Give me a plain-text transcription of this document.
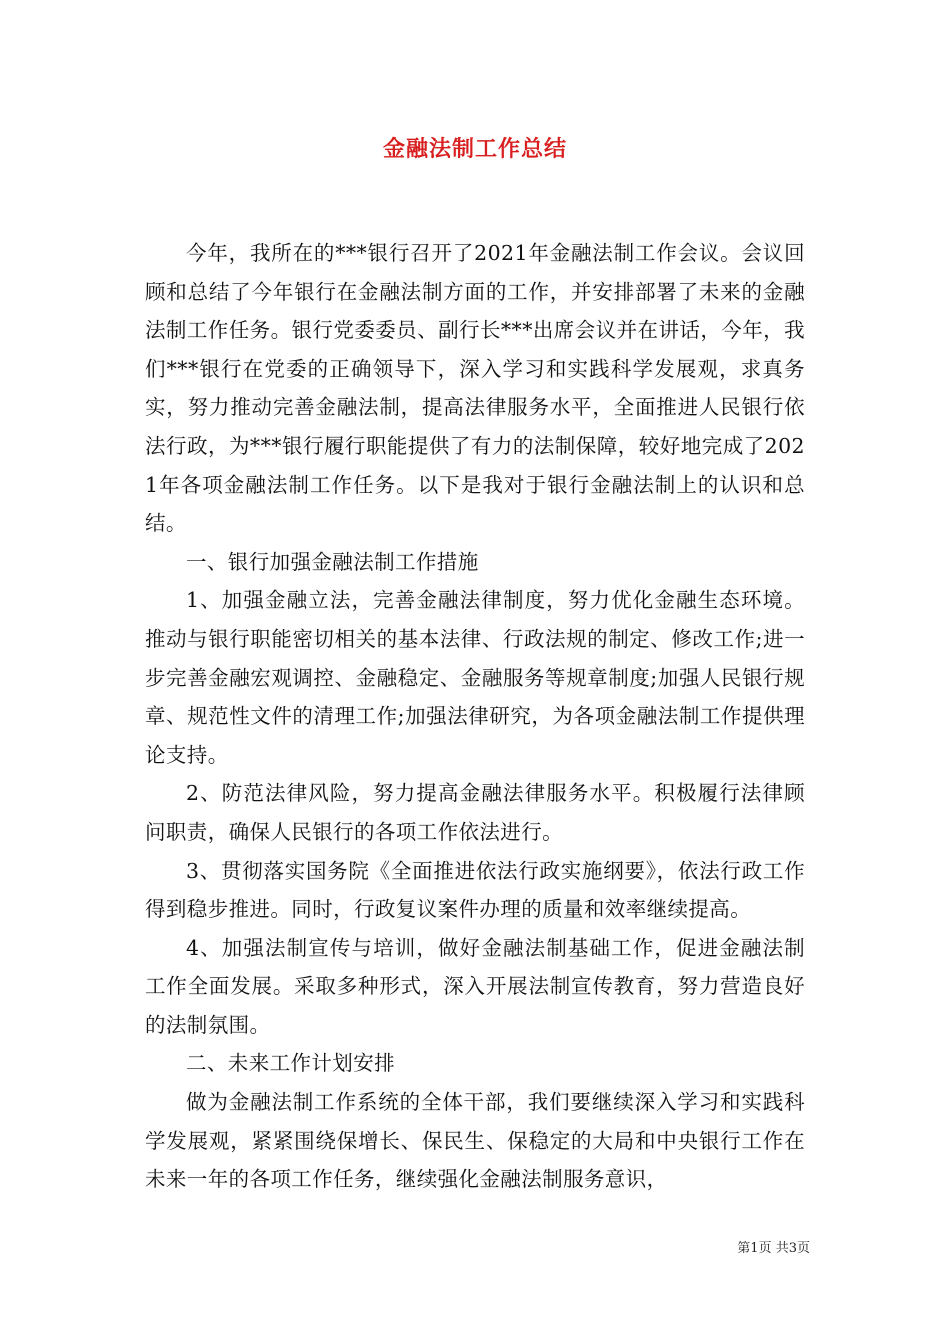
金融法制工作总结

今年，我所在的***银行召开了2021年金融法制工作会议。会议回顾和总结了今年银行在金融法制方面的工作，并安排部署了未来的金融法制工作任务。银行党委委员、副行长***出席会议并在讲话，今年，我们***银行在党委的正确领导下，深入学习和实践科学发展观，求真务实，努力推动完善金融法制，提高法律服务水平，全面推进人民银行依法行政，为***银行履行职能提供了有力的法制保障，较好地完成了2021年各项金融法制工作任务。以下是我对于银行金融法制上的认识和总结。

一、银行加强金融法制工作措施

1、加强金融立法，完善金融法律制度，努力优化金融生态环境。推动与银行职能密切相关的基本法律、行政法规的制定、修改工作;进一步完善金融宏观调控、金融稳定、金融服务等规章制度;加强人民银行规章、规范性文件的清理工作;加强法律研究，为各项金融法制工作提供理论支持。

2、防范法律风险，努力提高金融法律服务水平。积极履行法律顾问职责，确保人民银行的各项工作依法进行。

3、贯彻落实国务院《全面推进依法行政实施纲要》，依法行政工作得到稳步推进。同时，行政复议案件办理的质量和效率继续提高。

4、加强法制宣传与培训，做好金融法制基础工作，促进金融法制工作全面发展。采取多种形式，深入开展法制宣传教育，努力营造良好的法制氛围。

二、未来工作计划安排

做为金融法制工作系统的全体干部，我们要继续深入学习和实践科学发展观，紧紧围绕保增长、保民生、保稳定的大局和中央银行工作在未来一年的各项工作任务，继续强化金融法制服务意识，

第1页 共3页
